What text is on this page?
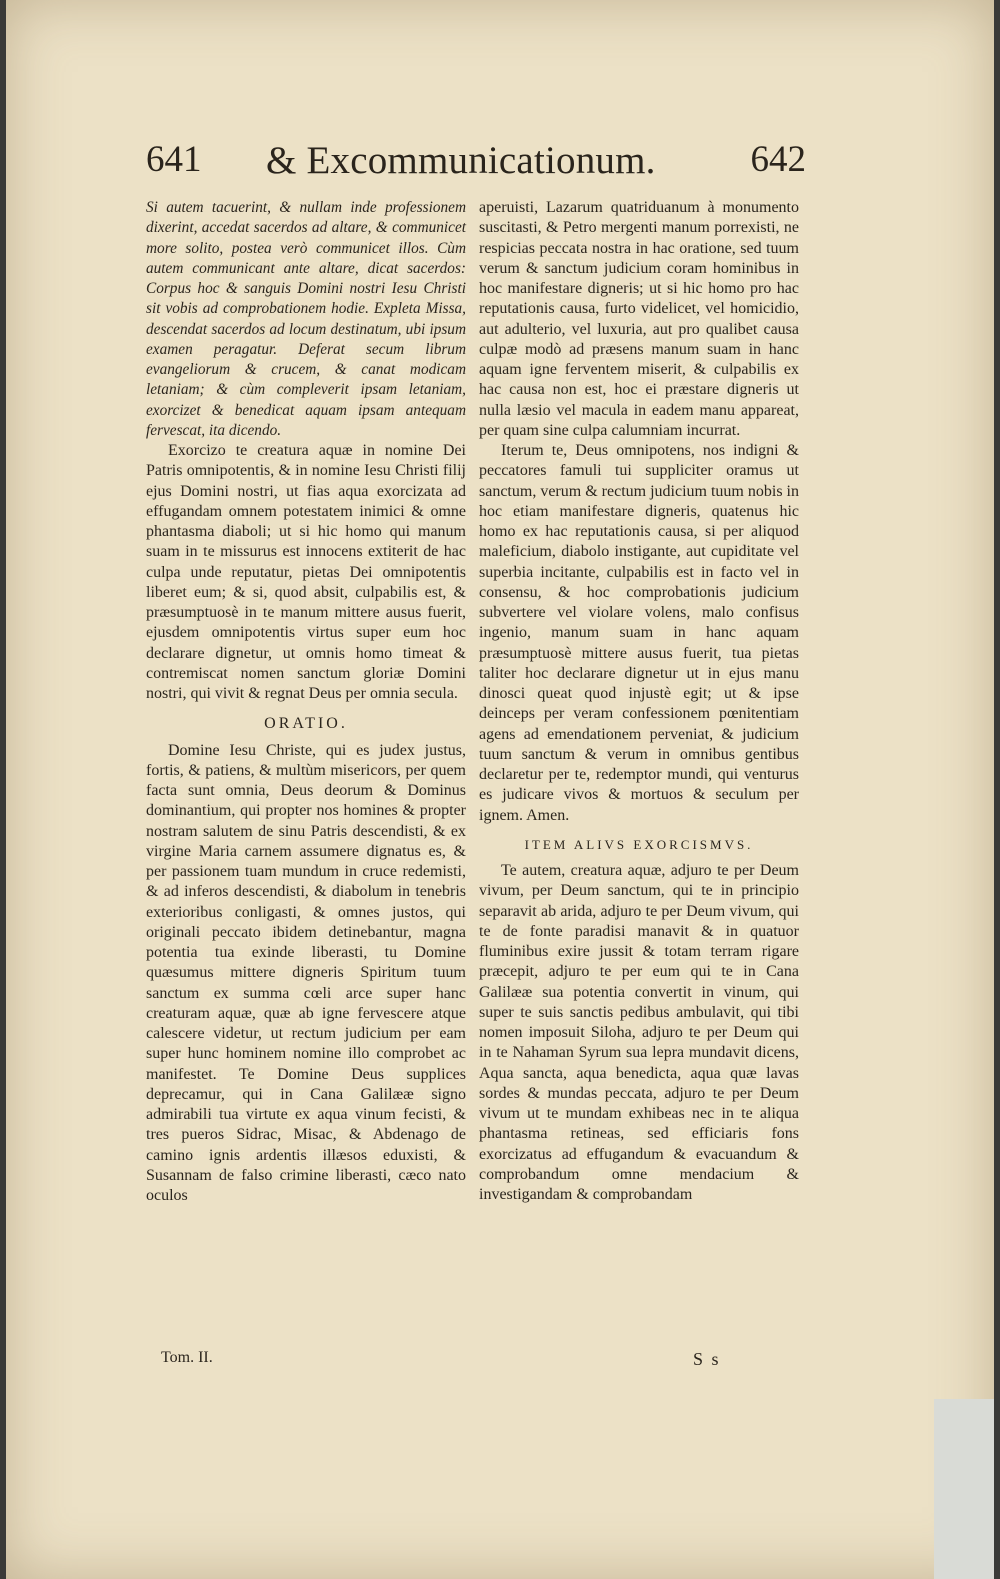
641 & Excommunicationum.	642

Si autem tacuerint, & nullam inde professionem dixerint, accedat sacerdos ad altare, & communicet more solito, postea verò communicet illos. Cùm autem communicant ante altare, dicat sacerdos: Corpus hoc & sanguis Domini nostri Iesu Christi sit vobis ad comprobationem hodie. Expleta Missa, descendat sacerdos ad locum destinatum, ubi ipsum examen peragatur. Deferat secum librum evangeliorum & crucem, & canat modicam letaniam; & cùm compleverit ipsam letaniam, exorcizet & benedicat aquam ipsam antequam fervescat, ita dicendo.

Exorcizo te creatura aquæ in nomine Dei Patris omnipotentis, & in nomine Iesu Christi filij ejus Domini nostri, ut fias aqua exorcizata ad effugandam omnem potestatem inimici & omne phantasma diaboli; ut si hic homo qui manum suam in te missurus est innocens extiterit de hac culpa unde reputatur, pietas Dei omnipotentis liberet eum; & si, quod absit, culpabilis est, & præsumptuosè in te manum mittere ausus fuerit, ejusdem omnipotentis virtus super eum hoc declarare dignetur, ut omnis homo timeat & contremiscat nomen sanctum gloriæ Domini nostri, qui vivit & regnat Deus per omnia secula.

ORATIO.

Domine Iesu Christe, qui es judex justus, fortis, & patiens, & multùm misericors, per quem facta sunt omnia, Deus deorum & Dominus dominantium, qui propter nos homines & propter nostram salutem de sinu Patris descendisti, & ex virgine Maria carnem assumere dignatus es, & per passionem tuam mundum in cruce redemisti, & ad inferos descendisti, & diabolum in tenebris exterioribus conligasti, & omnes justos, qui originali peccato ibidem detinebantur, magna potentia tua exinde liberasti, tu Domine quæsumus mittere digneris Spiritum tuum sanctum ex summa cœli arce super hanc creaturam aquæ, quæ ab igne fervescere atque calescere videtur, ut rectum judicium per eam super hunc hominem nomine illo comprobet ac manifestet. Te Domine Deus supplices deprecamur, qui in Cana Galilææ signo admirabili tua virtute ex aqua vinum fecisti, & tres pueros Sidrac, Misac, & Abdenago de camino ignis ardentis illæsos eduxisti, & Susannam de falso crimine liberasti, cæco nato oculos

aperuisti, Lazarum quatriduanum à monumento suscitasti, & Petro mergenti manum porrexisti, ne respicias peccata nostra in hac oratione, sed tuum verum & sanctum judicium coram hominibus in hoc manifestare digneris; ut si hic homo pro hac reputationis causa, furto videlicet, vel homicidio, aut adulterio, vel luxuria, aut pro qualibet causa culpæ modò ad præsens manum suam in hanc aquam igne ferventem miserit, & culpabilis ex hac causa non est, hoc ei præstare digneris ut nulla læsio vel macula in eadem manu appareat, per quam sine culpa calumniam incurrat.

Iterum te, Deus omnipotens, nos indigni & peccatores famuli tui suppliciter oramus ut sanctum, verum & rectum judicium tuum nobis in hoc etiam manifestare digneris, quatenus hic homo ex hac reputationis causa, si per aliquod maleficium, diabolo instigante, aut cupiditate vel superbia incitante, culpabilis est in facto vel in consensu, & hoc comprobationis judicium subvertere vel violare volens, malo confisus ingenio, manum suam in hanc aquam præsumptuosè mittere ausus fuerit, tua pietas taliter hoc declarare dignetur ut in ejus manu dinosci queat quod injustè egit; ut & ipse deinceps per veram confessionem pœnitentiam agens ad emendationem perveniat, & judicium tuum sanctum & verum in omnibus gentibus declaretur per te, redemptor mundi, qui venturus es judicare vivos & mortuos & seculum per ignem. Amen.

ITEM ALIVS EXORCISMVS.

Te autem, creatura aquæ, adjuro te per Deum vivum, per Deum sanctum, qui te in principio separavit ab arida, adjuro te per Deum vivum, qui te de fonte paradisi manavit & in quatuor fluminibus exire jussit & totam terram rigare præcepit, adjuro te per eum qui te in Cana Galilææ sua potentia convertit in vinum, qui super te suis sanctis pedibus ambulavit, qui tibi nomen imposuit Siloha, adjuro te per Deum qui in te Nahaman Syrum sua lepra mundavit dicens, Aqua sancta, aqua benedicta, aqua quæ lavas sordes & mundas peccata, adjuro te per Deum vivum ut te mundam exhibeas nec in te aliqua phantasma retineas, sed efficiaris fons exorcizatus ad effugandum & evacuandum & comprobandum omne mendacium & investigandam & comprobandam

Tom. II.	S s
